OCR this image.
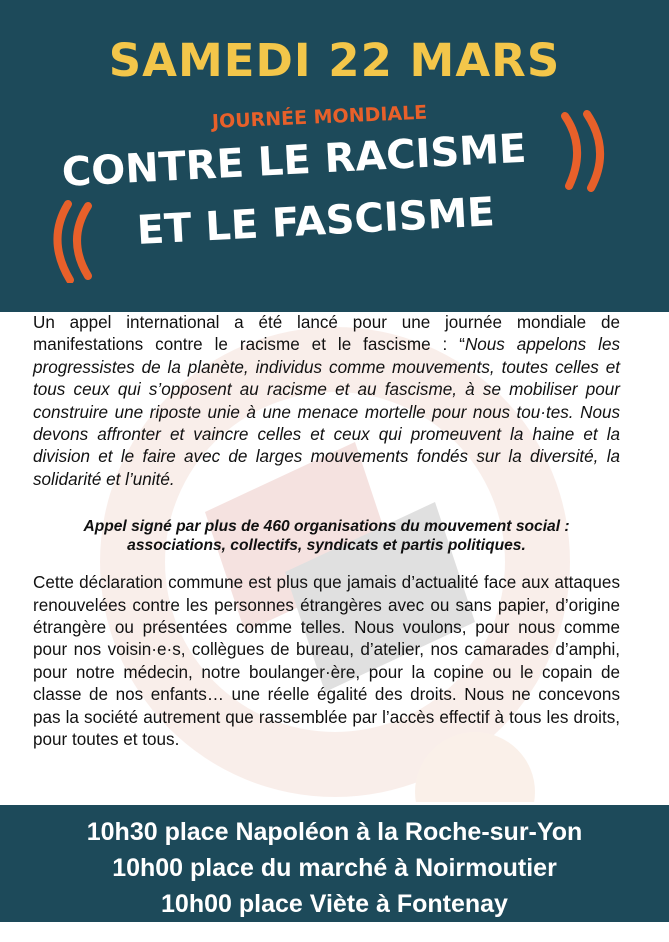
SAMEDI 22 MARS
JOURNÉE MONDIALE
CONTRE LE RACISME
ET LE FASCISME

Un appel international a été lancé pour une journée mondiale de manifestations contre le racisme et le fascisme : “Nous appelons les progressistes de la planète, individus comme mouvements, toutes celles et tous ceux qui s’opposent au racisme et au fascisme, à se mobiliser pour construire une riposte unie à une menace mortelle pour nous tou·tes. Nous devons affronter et vaincre celles et ceux qui promeuvent la haine et la division et le faire avec de larges mouvements fondés sur la diversité, la solidarité et l’unité.

Appel signé par plus de 460 organisations du mouvement social :
associations, collectifs, syndicats et partis politiques.

Cette déclaration commune est plus que jamais d’actualité face aux attaques renouvelées contre les personnes étrangères avec ou sans papier, d’origine étrangère ou présentées comme telles. Nous voulons, pour nous comme pour nos voisin·e·s, collègues de bureau, d’atelier, nos camarades d’amphi, pour notre médecin, notre boulanger·ère, pour la copine ou le copain de classe de nos enfants… une réelle égalité des droits. Nous ne concevons pas la société autrement que rassemblée par l’accès effectif à tous les droits, pour toutes et tous.

10h30 place Napoléon à la Roche-sur-Yon
10h00 place du marché à Noirmoutier
10h00 place Viète à Fontenay
